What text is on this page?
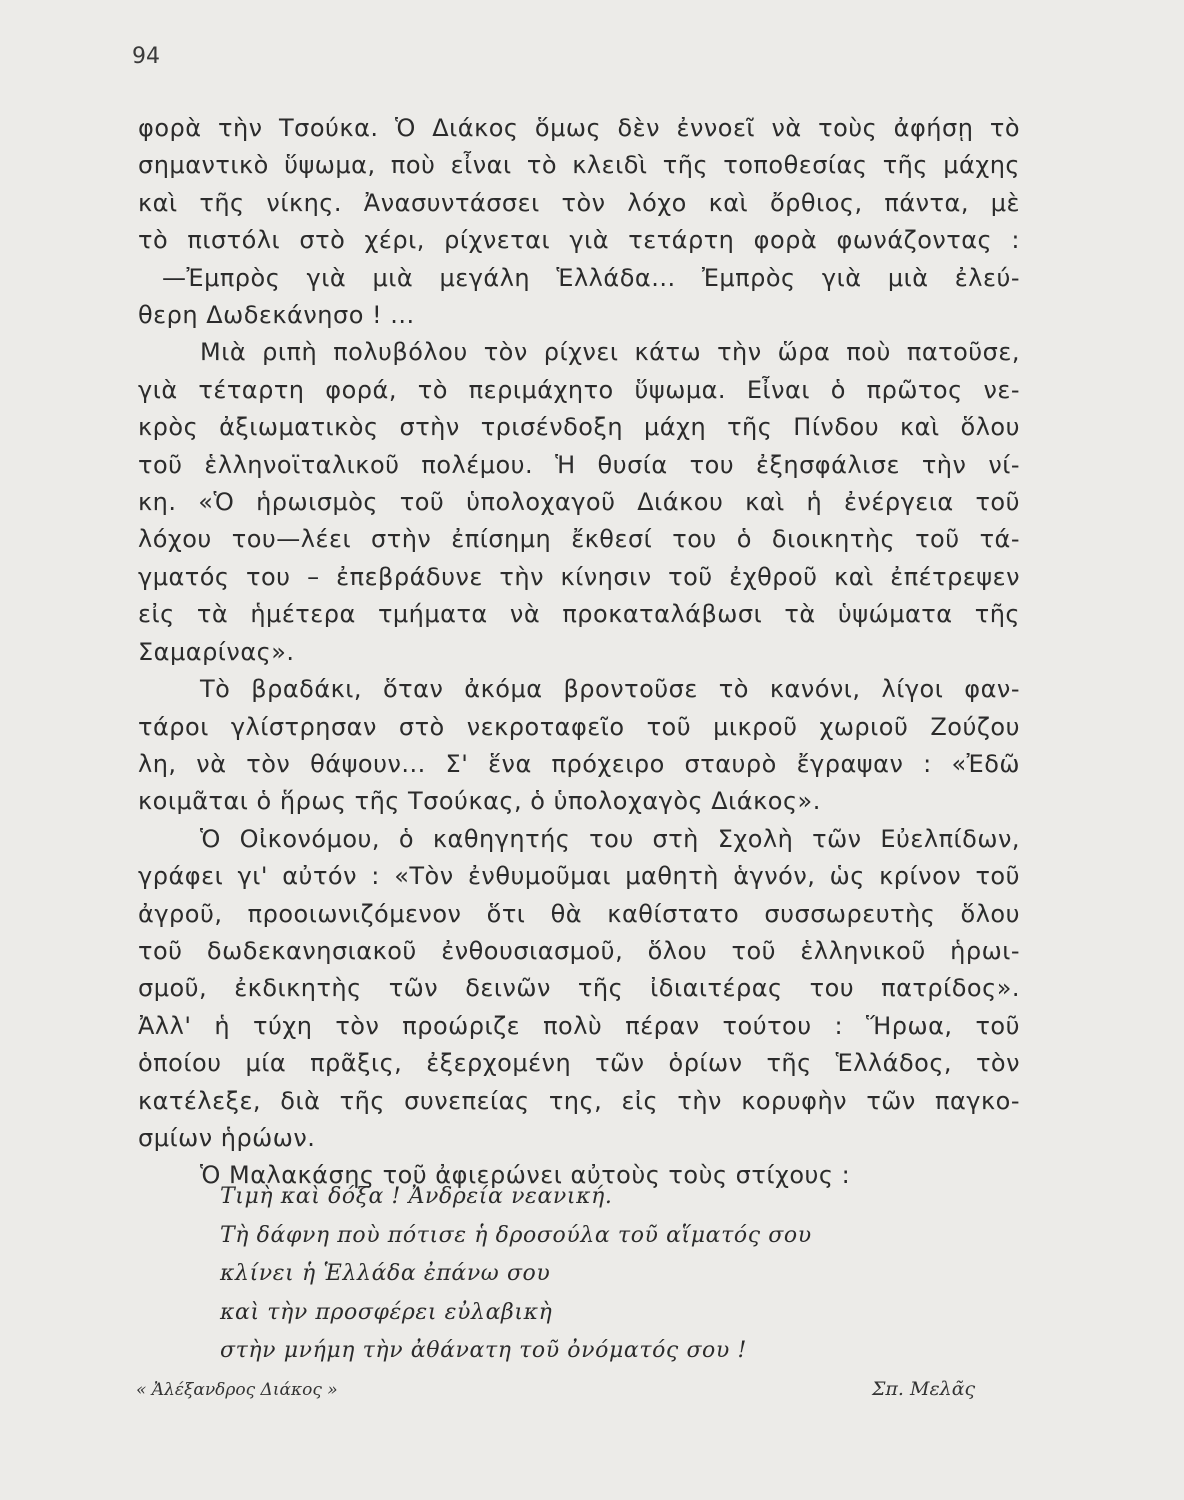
94
φορὰ τὴν Τσούκα. Ὁ Διάκος ὅμως δὲν ἐννοεῖ νὰ τοὺς ἀφήσῃ τὸ
σημαντικὸ ὕψωμα, ποὺ εἶναι τὸ κλειδὶ τῆς τοποθεσίας τῆς μάχης
καὶ τῆς νίκης. Ἀνασυντάσσει τὸν λόχο καὶ ὄρθιος, πάντα, μὲ
τὸ πιστόλι στὸ χέρι, ρίχνεται γιὰ τετάρτη φορὰ φωνάζοντας :
—Ἐμπρὸς γιὰ μιὰ μεγάλη Ἑλλάδα... Ἐμπρὸς γιὰ μιὰ ἐλεύ-
θερη Δωδεκάνησο ! ...
Μιὰ ριπὴ πολυβόλου τὸν ρίχνει κάτω τὴν ὥρα ποὺ πατοῦσε,
γιὰ τέταρτη φορά, τὸ περιμάχητο ὕψωμα. Εἶναι ὁ πρῶτος νε-
κρὸς ἀξιωματικὸς στὴν τρισένδοξη μάχη τῆς Πίνδου καὶ ὅλου
τοῦ ἑλληνοϊταλικοῦ πολέμου. Ἡ θυσία του ἐξησφάλισε τὴν νί-
κη. «Ὁ ἡρωισμὸς τοῦ ὑπολοχαγοῦ Διάκου καὶ ἡ ἐνέργεια τοῦ
λόχου του—λέει στὴν ἐπίσημη ἔκθεσί του ὁ διοικητὴς τοῦ τά-
γματός του – ἐπεβράδυνε τὴν κίνησιν τοῦ ἐχθροῦ καὶ ἐπέτρεψεν
εἰς τὰ ἡμέτερα τμήματα νὰ προκαταλάβωσι τὰ ὑψώματα τῆς
Σαμαρίνας».
Τὸ βραδάκι, ὅταν ἀκόμα βροντοῦσε τὸ κανόνι, λίγοι φαν-
τάροι γλίστρησαν στὸ νεκροταφεῖο τοῦ μικροῦ χωριοῦ Ζούζου
λη, νὰ τὸν θάψουν... Σ' ἕνα πρόχειρο σταυρὸ ἔγραψαν : «Ἐδῶ
κοιμᾶται ὁ ἥρως τῆς Τσούκας, ὁ ὑπολοχαγὸς Διάκος».
Ὁ Οἰκονόμου, ὁ καθηγητής του στὴ Σχολὴ τῶν Εὐελπίδων,
γράφει γι' αὐτόν : «Τὸν ἐνθυμοῦμαι μαθητὴ ἁγνόν, ὡς κρίνον τοῦ
ἀγροῦ, προοιωνιζόμενον ὅτι θὰ καθίστατο συσσωρευτὴς ὅλου
τοῦ δωδεκανησιακοῦ ἐνθουσιασμοῦ, ὅλου τοῦ ἑλληνικοῦ ἡρωι-
σμοῦ, ἐκδικητὴς τῶν δεινῶν τῆς ἰδιαιτέρας του πατρίδος».
Ἀλλ' ἡ τύχη τὸν προώριζε πολὺ πέραν τούτου : Ἥρωα, τοῦ
ὁποίου μία πρᾶξις, ἐξερχομένη τῶν ὁρίων τῆς Ἑλλάδος, τὸν
κατέλεξε, διὰ τῆς συνεπείας της, εἰς τὴν κορυφὴν τῶν παγκο-
σμίων ἡρώων.
Ὁ Μαλακάσης τοῦ ἀφιερώνει αὐτοὺς τοὺς στίχους :
Τιμὴ καὶ δόξα ! Ἀνδρεία νεανική.
Τὴ δάφνη ποὺ πότισε ἡ δροσούλα τοῦ αἵματός σου
κλίνει ἡ Ἑλλάδα ἐπάνω σου
καὶ τὴν προσφέρει εὐλαβικὴ
στὴν μνήμη τὴν ἀθάνατη τοῦ ὀνόματός σου !
« Ἀλέξανδρος Διάκος »	Σπ. Μελᾶς
